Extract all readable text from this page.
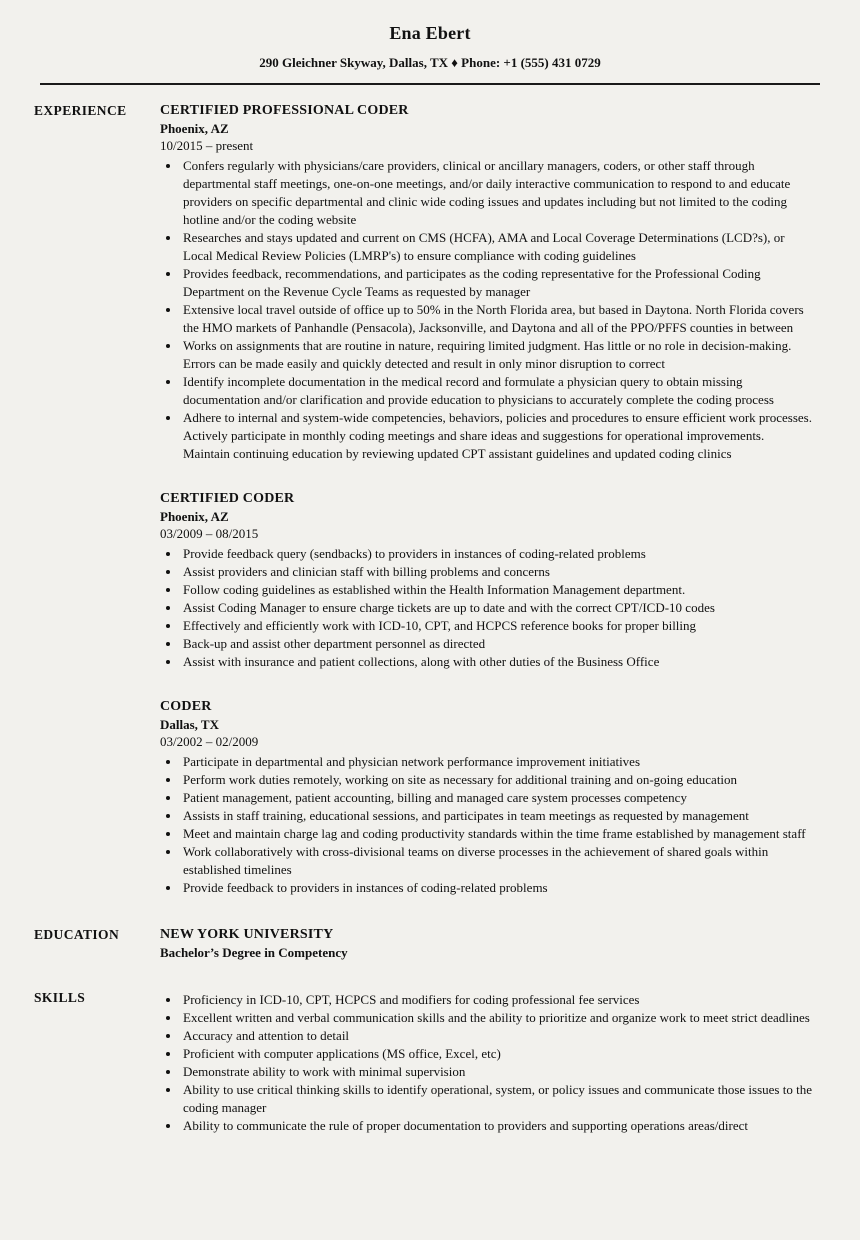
Ena Ebert
290 Gleichner Skyway, Dallas, TX ♦ Phone: +1 (555) 431 0729
EXPERIENCE	CERTIFIED PROFESSIONAL CODER
Phoenix, AZ
10/2015 – present
• Confers regularly with physicians/care providers, clinical or ancillary managers, coders, or other staff through departmental staff meetings, one-on-one meetings, and/or daily interactive communication to respond to and educate providers on specific departmental and clinic wide coding issues and updates including but not limited to the coding hotline and/or the coding website
• Researches and stays updated and current on CMS (HCFA), AMA and Local Coverage Determinations (LCD?s), or Local Medical Review Policies (LMRP's) to ensure compliance with coding guidelines
• Provides feedback, recommendations, and participates as the coding representative for the Professional Coding Department on the Revenue Cycle Teams as requested by manager
• Extensive local travel outside of office up to 50% in the North Florida area, but based in Daytona. North Florida covers the HMO markets of Panhandle (Pensacola), Jacksonville, and Daytona and all of the PPO/PFFS counties in between
• Works on assignments that are routine in nature, requiring limited judgment. Has little or no role in decision-making. Errors can be made easily and quickly detected and result in only minor disruption to correct
• Identify incomplete documentation in the medical record and formulate a physician query to obtain missing documentation and/or clarification and provide education to physicians to accurately complete the coding process
• Adhere to internal and system-wide competencies, behaviors, policies and procedures to ensure efficient work processes. Actively participate in monthly coding meetings and share ideas and suggestions for operational improvements. Maintain continuing education by reviewing updated CPT assistant guidelines and updated coding clinics
CERTIFIED CODER
Phoenix, AZ
03/2009 – 08/2015
• Provide feedback query (sendbacks) to providers in instances of coding-related problems
• Assist providers and clinician staff with billing problems and concerns
• Follow coding guidelines as established within the Health Information Management department.
• Assist Coding Manager to ensure charge tickets are up to date and with the correct CPT/ICD-10 codes
• Effectively and efficiently work with ICD-10, CPT, and HCPCS reference books for proper billing
• Back-up and assist other department personnel as directed
• Assist with insurance and patient collections, along with other duties of the Business Office
CODER
Dallas, TX
03/2002 – 02/2009
• Participate in departmental and physician network performance improvement initiatives
• Perform work duties remotely, working on site as necessary for additional training and on-going education
• Patient management, patient accounting, billing and managed care system processes competency
• Assists in staff training, educational sessions, and participates in team meetings as requested by management
• Meet and maintain charge lag and coding productivity standards within the time frame established by management staff
• Work collaboratively with cross-divisional teams on diverse processes in the achievement of shared goals within established timelines
• Provide feedback to providers in instances of coding-related problems
EDUCATION	NEW YORK UNIVERSITY
Bachelor’s Degree in Competency
SKILLS	• Proficiency in ICD-10, CPT, HCPCS and modifiers for coding professional fee services
• Excellent written and verbal communication skills and the ability to prioritize and organize work to meet strict deadlines
• Accuracy and attention to detail
• Proficient with computer applications (MS office, Excel, etc)
• Demonstrate ability to work with minimal supervision
• Ability to use critical thinking skills to identify operational, system, or policy issues and communicate those issues to the coding manager
• Ability to communicate the rule of proper documentation to providers and supporting operations areas/direct
